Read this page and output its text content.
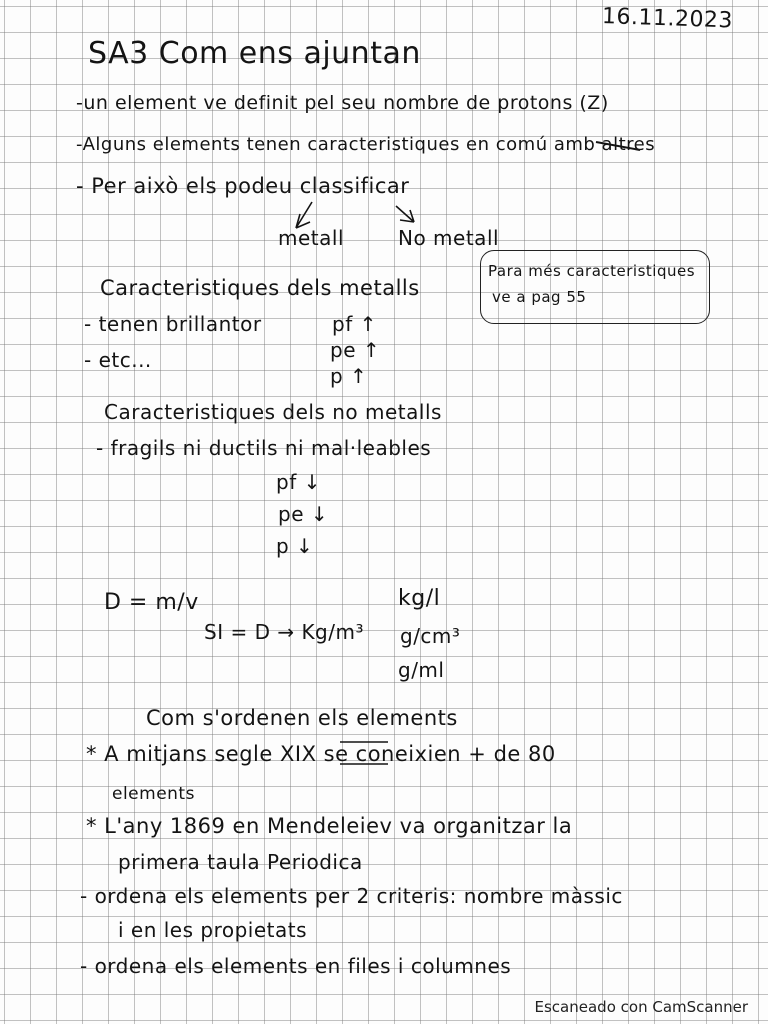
16.11.2023
SA3 Com ens ajuntan
-un element ve definit pel seu nombre de protons (Z)
-Alguns elements tenen caracteristiques en comú amb altres
- Per això els podeu classificar
metall	No metall
Para més caracteristiques
ve a pag 55
Caracteristiques dels metalls
- tenen brillantor
- etc...
pf ↑
pe ↑
p ↑
Caracteristiques dels no metalls
- fragils ni ductils ni mal·leables
pf ↓
pe ↓
p ↓
D = m/v
SI = D → Kg/m³
kg/l
g/cm³
g/ml
Com s'ordenen els elements
* A mitjans segle XIX se coneixien + de 80
elements
* L'any 1869 en Mendeleiev va organitzar la
primera taula Periodica
- ordena els elements per 2 criteris: nombre màssic
i en les propietats
- ordena els elements en files i columnes
Escaneado con CamScanner
